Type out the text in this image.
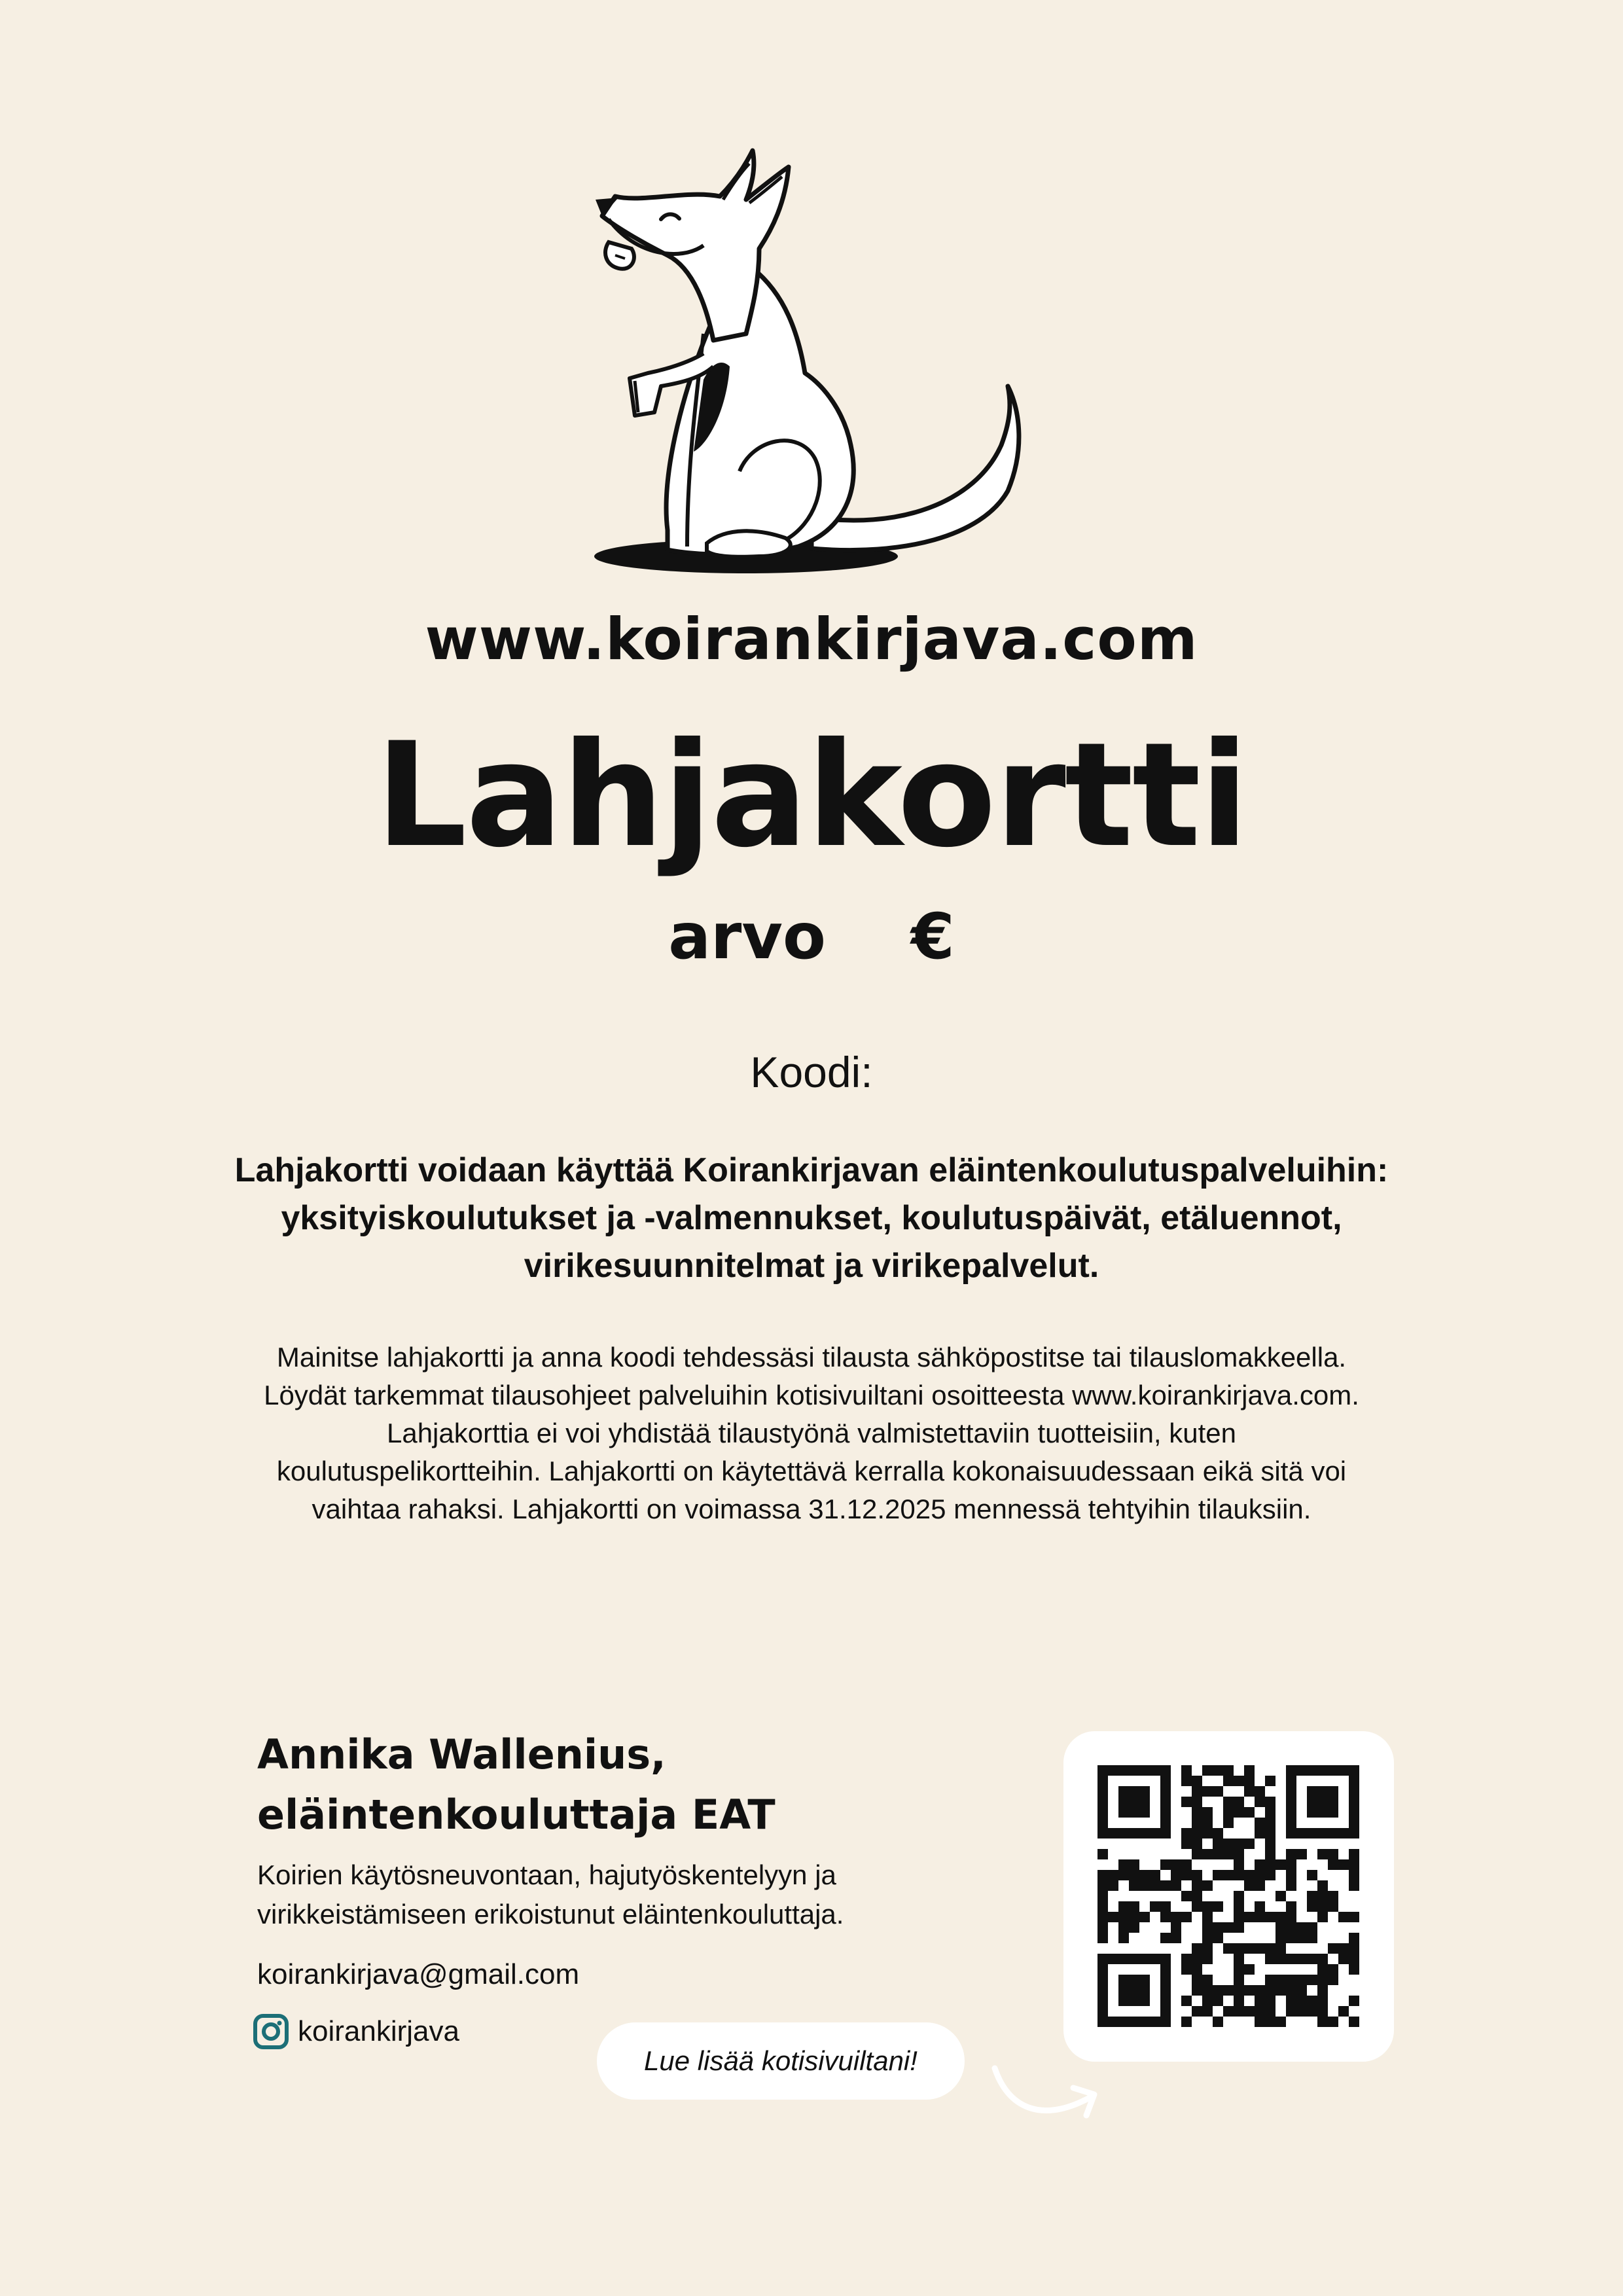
www.koirankirjava.com
Lahjakortti
arvo €
Koodi:
Lahjakortti voidaan käyttää Koirankirjavan eläintenkoulutuspalveluihin: yksityiskoulutukset ja -valmennukset, koulutuspäivät, etäluennot, virikesuunnitelmat ja virikepalvelut.
Mainitse lahjakortti ja anna koodi tehdessäsi tilausta sähköpostitse tai tilauslomakkeella.
Löydät tarkemmat tilausohjeet palveluihin kotisivuiltani osoitteesta www.koirankirjava.com.
Lahjakorttia ei voi yhdistää tilaustyönä valmistettaviin tuotteisiin, kuten
koulutuspelikortteihin. Lahjakortti on käytettävä kerralla kokonaisuudessaan eikä sitä voi
vaihtaa rahaksi. Lahjakortti on voimassa 31.12.2025 mennessä tehtyihin tilauksiin.
Annika Wallenius,
eläintenkouluttaja EAT
Koirien käytösneuvontaan, hajutyöskentelyyn ja
virikkeistämiseen erikoistunut eläintenkouluttaja.
koirankirjava@gmail.com
koirankirjava
Lue lisää kotisivuiltani!
